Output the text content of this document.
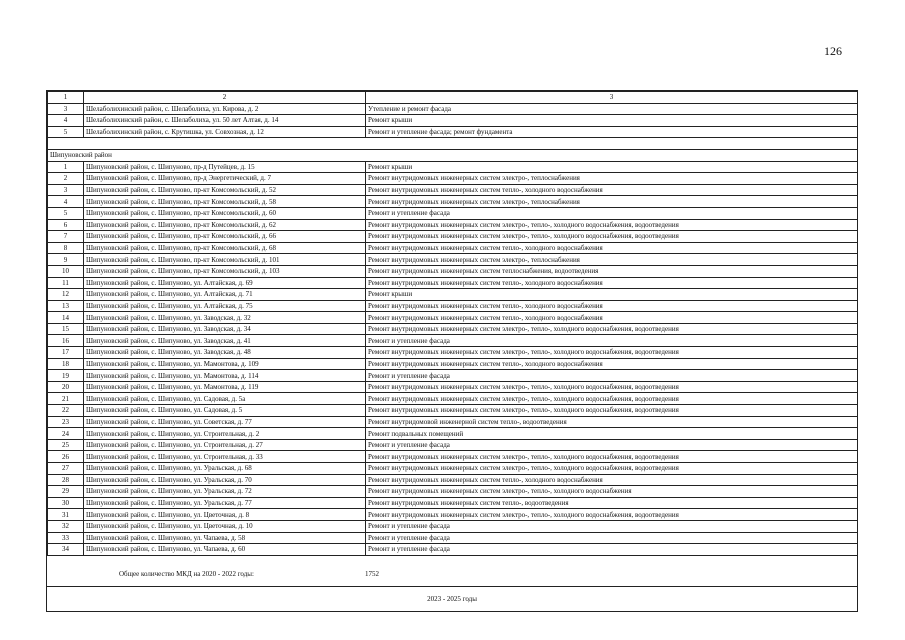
126
1	2	3
3	Шелаболихинский район, с. Шелаболиха, ул. Кирова, д. 2	Утепление и ремонт фасада
4	Шелаболихинский район, с. Шелаболиха, ул. 50 лет Алтая, д. 14	Ремонт крыши
5	Шелаболихинский район, с. Крутишка, ул. Совхозная, д. 12	Ремонт и утепление фасада; ремонт фундамента

Шипуновский район		
1	Шипуновский район, с. Шипуново, пр-д Путейцев, д. 15	Ремонт крыши
2	Шипуновский район, с. Шипуново, пр-д Энергетический, д. 7	Ремонт внутридомовых инженерных систем электро-, теплоснабжения
3	Шипуновский район, с. Шипуново, пр-кт Комсомольский, д. 52	Ремонт внутридомовых инженерных систем тепло-, холодного водоснабжения
4	Шипуновский район, с. Шипуново, пр-кт Комсомольский, д. 58	Ремонт внутридомовых инженерных систем электро-, теплоснабжения
5	Шипуновский район, с. Шипуново, пр-кт Комсомольский, д. 60	Ремонт и утепление фасада
6	Шипуновский район, с. Шипуново, пр-кт Комсомольский, д. 62	Ремонт внутридомовых инженерных систем электро-, тепло-, холодного водоснабжения, водоотведения
7	Шипуновский район, с. Шипуново, пр-кт Комсомольский, д. 66	Ремонт внутридомовых инженерных систем электро-, тепло-, холодного водоснабжения, водоотведения
8	Шипуновский район, с. Шипуново, пр-кт Комсомольский, д. 68	Ремонт внутридомовых инженерных систем тепло-, холодного водоснабжения
9	Шипуновский район, с. Шипуново, пр-кт Комсомольский, д. 101	Ремонт внутридомовых инженерных систем электро-, теплоснабжения
10	Шипуновский район, с. Шипуново, пр-кт Комсомольский, д. 103	Ремонт внутридомовых инженерных систем теплоснабжения, водоотведения
11	Шипуновский район, с. Шипуново, ул. Алтайская, д. 69	Ремонт внутридомовых инженерных систем тепло-, холодного водоснабжения
12	Шипуновский район, с. Шипуново, ул. Алтайская, д. 71	Ремонт крыши
13	Шипуновский район, с. Шипуново, ул. Алтайская, д. 75	Ремонт внутридомовых инженерных систем тепло-, холодного водоснабжения
14	Шипуновский район, с. Шипуново, ул. Заводская, д. 32	Ремонт внутридомовых инженерных систем тепло-, холодного водоснабжения
15	Шипуновский район, с. Шипуново, ул. Заводская, д. 34	Ремонт внутридомовых инженерных систем электро-, тепло-, холодного водоснабжения, водоотведения
16	Шипуновский район, с. Шипуново, ул. Заводская, д. 41	Ремонт и утепление фасада
17	Шипуновский район, с. Шипуново, ул. Заводская, д. 48	Ремонт внутридомовых инженерных систем электро-, тепло-, холодного водоснабжения, водоотведения
18	Шипуновский район, с. Шипуново, ул. Мамонтова, д. 109	Ремонт внутридомовых инженерных систем тепло-, холодного водоснабжения
19	Шипуновский район, с. Шипуново, ул. Мамонтова, д. 114	Ремонт и утепление фасада
20	Шипуновский район, с. Шипуново, ул. Мамонтова, д. 119	Ремонт внутридомовых инженерных систем электро-, тепло-, холодного водоснабжения, водоотведения
21	Шипуновский район, с. Шипуново, ул. Садовая, д. 5а	Ремонт внутридомовых инженерных систем электро-, тепло-, холодного водоснабжения, водоотведения
22	Шипуновский район, с. Шипуново, ул. Садовая, д. 5	Ремонт внутридомовых инженерных систем электро-, тепло-, холодного водоснабжения, водоотведения
23	Шипуновский район, с. Шипуново, ул. Советская, д. 77	Ремонт внутридомовой инженерной систем тепло-, водоотведения
24	Шипуновский район, с. Шипуново, ул. Строительная, д. 2	Ремонт подвальных помещений
25	Шипуновский район, с. Шипуново, ул. Строительная, д. 27	Ремонт и утепление фасада
26	Шипуновский район, с. Шипуново, ул. Строительная, д. 33	Ремонт внутридомовых инженерных систем электро-, тепло-, холодного водоснабжения, водоотведения
27	Шипуновский район, с. Шипуново, ул. Уральская, д. 68	Ремонт внутридомовых инженерных систем электро-, тепло-, холодного водоснабжения, водоотведения
28	Шипуновский район, с. Шипуново, ул. Уральская, д. 70	Ремонт внутридомовых инженерных систем тепло-, холодного водоснабжения
29	Шипуновский район, с. Шипуново, ул. Уральская, д. 72	Ремонт внутридомовых инженерных систем электро-, тепло-, холодного водоснабжения
30	Шипуновский район, с. Шипуново, ул. Уральская, д. 77	Ремонт внутридомовых инженерных систем тепло-, водоотведения
31	Шипуновский район, с. Шипуново, ул. Цветочная, д. 8	Ремонт внутридомовых инженерных систем электро-, тепло-, холодного водоснабжения, водоотведения
32	Шипуновский район, с. Шипуново, ул. Цветочная, д. 10	Ремонт и утепление фасада
33	Шипуновский район, с. Шипуново, ул. Чапаева, д. 58	Ремонт и утепление фасада
34	Шипуновский район, с. Шипуново, ул. Чапаева, д. 60	Ремонт и утепление фасада
Общее количество МКД на 2020 - 2022 годы:	1752
2023 - 2025 годы
